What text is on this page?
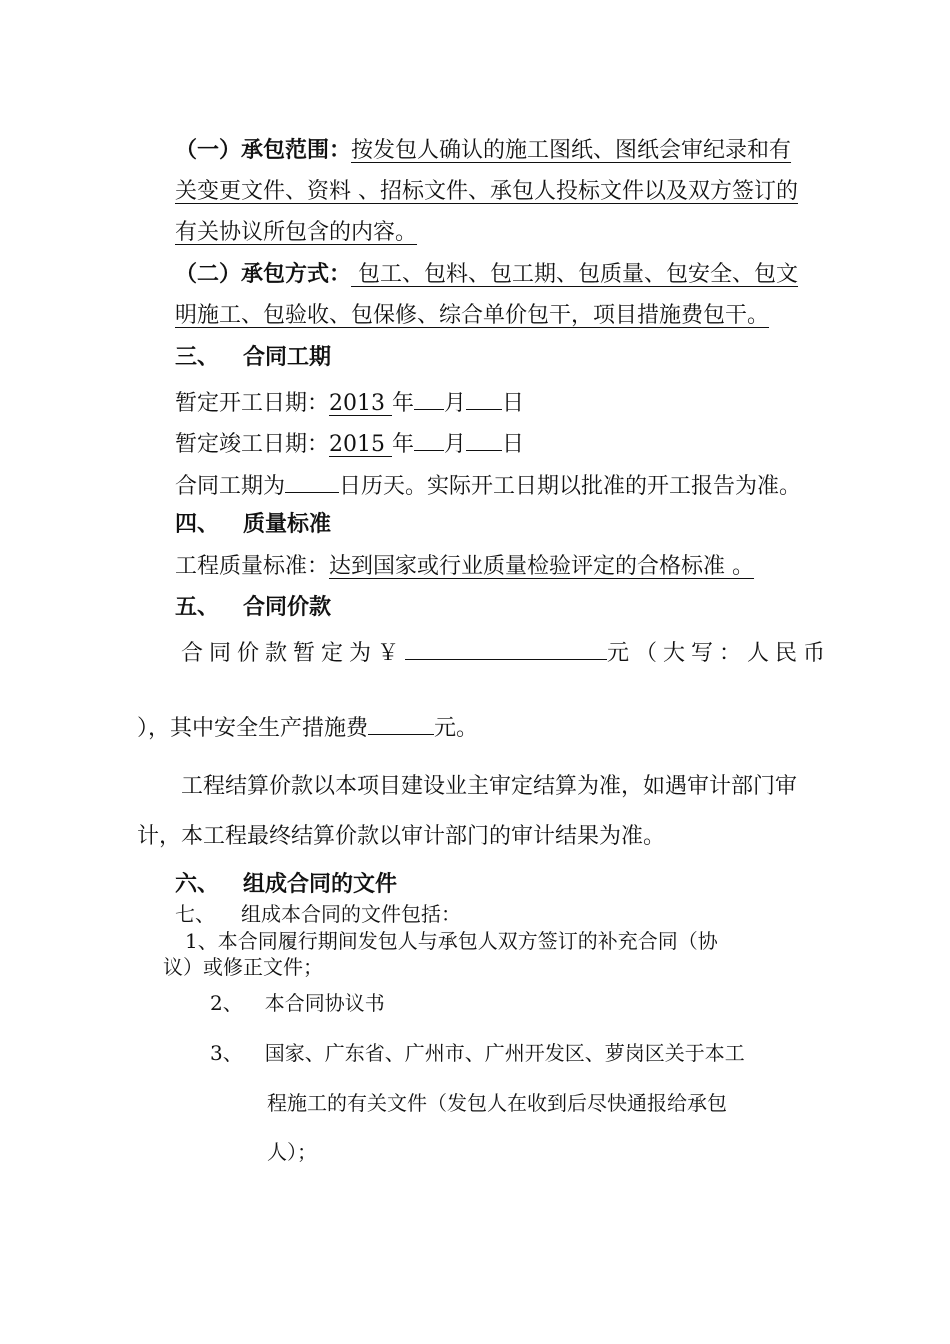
（一）承包范围：按发包人确认的施工图纸、图纸会审纪录和有
关变更文件、资料 、招标文件、承包人投标文件以及双方签订的
有关协议所包含的内容。
（二）承包方式： 包工、包料、包工期、包质量、包安全、包文
明施工、包验收、包保修、综合单价包干，项目措施费包干。
三、 合同工期
暂定开工日期：2013 年 月 日
暂定竣工日期：2015 年 月 日
合同工期为 日历天。实际开工日期以批准的开工报告为准。
四、 质量标准
工程质量标准：达到国家或行业质量检验评定的合格标准 。
五、 合同价款
合同价款暂定为￥	元（大写：人民币
），其中安全生产措施费	元。
工程结算价款以本项目建设业主审定结算为准，如遇审计部门审
计，本工程最终结算价款以审计部门的审计结果为准。
六、 组成合同的文件
七、 组成本合同的文件包括：
1、本合同履行期间发包人与承包人双方签订的补充合同（协
议）或修正文件；
2、 本合同协议书
3、 国家、广东省、广州市、广州开发区、萝岗区关于本工
程施工的有关文件（发包人在收到后尽快通报给承包
人）；
